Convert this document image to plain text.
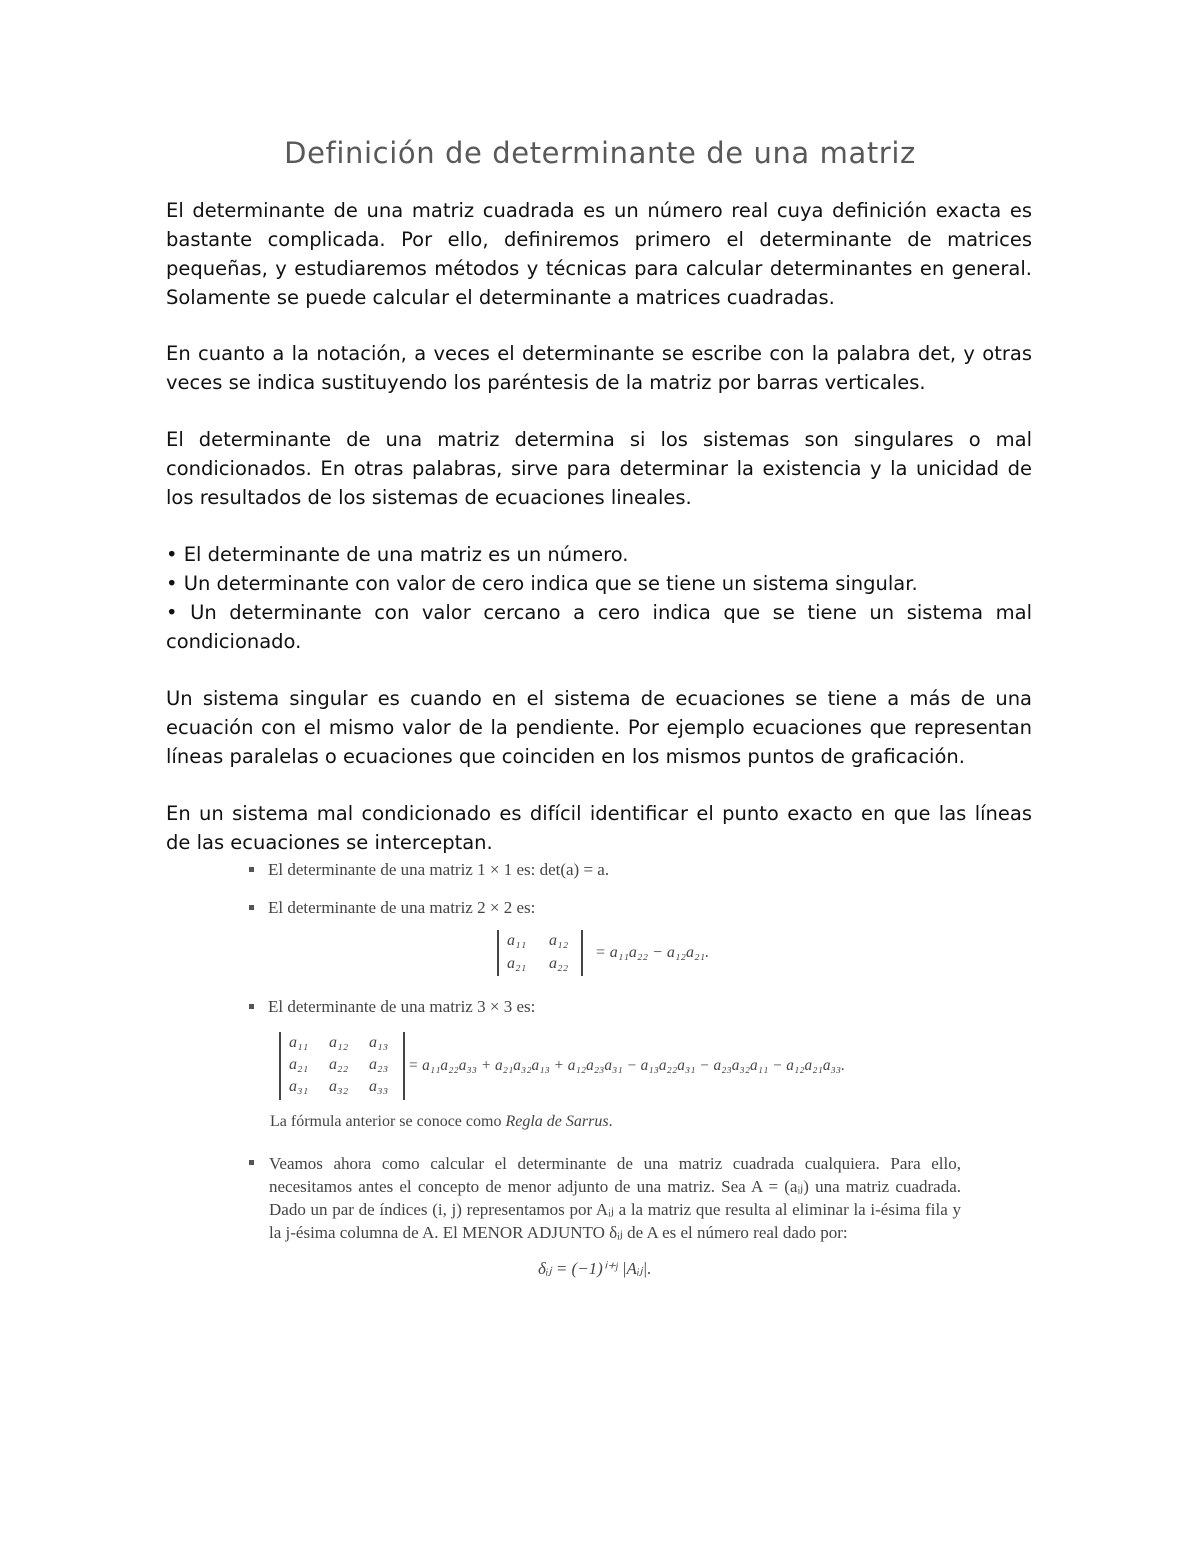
Definición de determinante de una matriz

El determinante de una matriz cuadrada es un número real cuya definición exacta es bastante complicada. Por ello, definiremos primero el determinante de matrices pequeñas, y estudiaremos métodos y técnicas para calcular determinantes en general. Solamente se puede calcular el determinante a matrices cuadradas.

En cuanto a la notación, a veces el determinante se escribe con la palabra det, y otras veces se indica sustituyendo los paréntesis de la matriz por barras verticales.

El determinante de una matriz determina si los sistemas son singulares o mal condicionados. En otras palabras, sirve para determinar la existencia y la unicidad de los resultados de los sistemas de ecuaciones lineales.

• El determinante de una matriz es un número.

• Un determinante con valor de cero indica que se tiene un sistema singular.

• Un determinante con valor cercano a cero indica que se tiene un sistema mal condicionado.

Un sistema singular es cuando en el sistema de ecuaciones se tiene a más de una ecuación con el mismo valor de la pendiente. Por ejemplo ecuaciones que representan líneas paralelas o ecuaciones que coinciden en los mismos puntos de graficación.

En un sistema mal condicionado es difícil identificar el punto exacto en que las líneas de las ecuaciones se interceptan.

El determinante de una matriz 1 × 1 es: det(a) = a.
El determinante de una matriz 2 × 2 es:
a₁₁ a₁₂
a₂₁ a₂₂
= a₁₁a₂₂ − a₁₂a₂₁.
El determinante de una matriz 3 × 3 es:
a₁₁ a₁₂ a₁₃
a₂₁ a₂₂ a₂₃
a₃₁ a₃₂ a₃₃
= a₁₁a₂₂a₃₃ + a₂₁a₃₂a₁₃ + a₁₂a₂₃a₃₁ − a₁₃a₂₂a₃₁ − a₂₃a₃₂a₁₁ − a₁₂a₂₁a₃₃.
La fórmula anterior se conoce como Regla de Sarrus.
Veamos ahora como calcular el determinante de una matriz cuadrada cualquiera. Para ello, necesitamos antes el concepto de menor adjunto de una matriz. Sea A = (aᵢⱼ) una matriz cuadrada. Dado un par de índices (i, j) representamos por Aᵢⱼ a la matriz que resulta al eliminar la i-ésima fila y la j-ésima columna de A. El MENOR ADJUNTO δᵢⱼ de A es el número real dado por:
δᵢⱼ = (−1)ⁱ⁺ʲ |Aᵢⱼ|.
